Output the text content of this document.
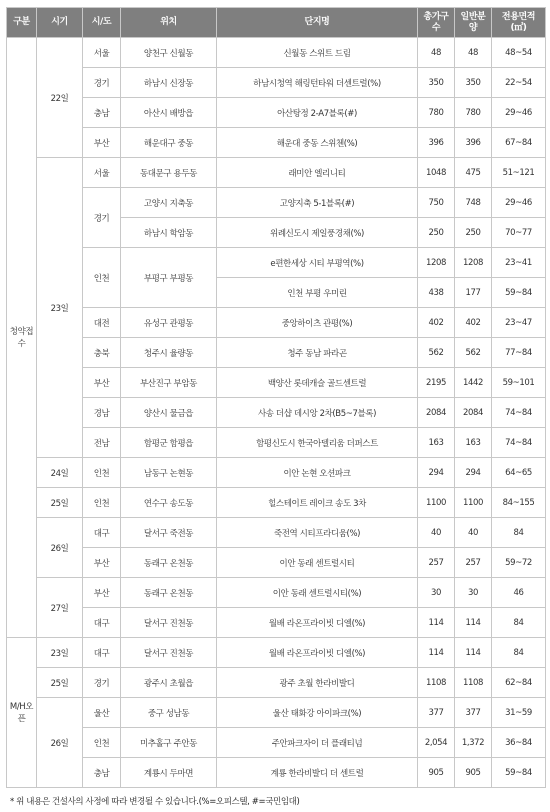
구분	시기	시/도	위치	단지명	총가구수	일반분양	전용면적(㎡)
청약접수	22일	서울	양천구 신월동	신월동 스위트 드림	48	48	48~54
		경기	하남시 신장동	하남시청역 해링턴타워 더센트럴(%)	350	350	22~54
		충남	아산시 배방읍	아산탕정 2-A7블록(#)	780	780	29~46
		부산	해운대구 중동	해운대 중동 스위첸(%)	396	396	67~84
	23일	서울	동대문구 용두동	래미안 엘리니티	1048	475	51~121
		경기	고양시 지축동	고양지축 5-1블록(#)	750	748	29~46
			하남시 학암동	위례신도시 제일풍경채(%)	250	250	70~77
		인천	부평구 부평동	e편한세상 시티 부평역(%)	1208	1208	23~41
				인천 부평 우미린	438	177	59~84
		대전	유성구 관평동	중앙하이츠 관평(%)	402	402	23~47
		충북	청주시 율량동	청주 동남 파라곤	562	562	77~84
		부산	부산진구 부암동	백양산 롯데캐슬 골드센트럴	2195	1442	59~101
		경남	양산시 물금읍	사송 더샵 데시앙 2차(B5~7블록)	2084	2084	74~84
		전남	함평군 함평읍	함평신도시 한국아델리움 더퍼스트	163	163	74~84
	24일	인천	남동구 논현동	이안 논현 오션파크	294	294	64~65
	25일	인천	연수구 송도동	힐스테이트 레이크 송도 3차	1100	1100	84~155
	26일	대구	달서구 죽전동	죽전역 시티프라디움(%)	40	40	84
		부산	동래구 온천동	이안 동래 센트럴시티	257	257	59~72
	27일	부산	동래구 온천동	이안 동래 센트럴시티(%)	30	30	46
		대구	달서구 진천동	월배 라온프라이빗 디엘(%)	114	114	84
M/H오픈	23일	대구	달서구 진천동	월배 라온프라이빗 디엘(%)	114	114	84
	25일	경기	광주시 초월읍	광주 초월 한라비발디	1108	1108	62~84
	26일	울산	중구 성남동	울산 태화강 아이파크(%)	377	377	31~59
		인천	미추홀구 주안동	주안파크자이 더 플래티넘	2,054	1,372	36~84
		충남	계룡시 두마면	계룡 한라비발디 더 센트럴	905	905	59~84
* 위 내용은 건설사의 사정에 따라 변경될 수 있습니다.(%=오피스텔, #=국민임대)
